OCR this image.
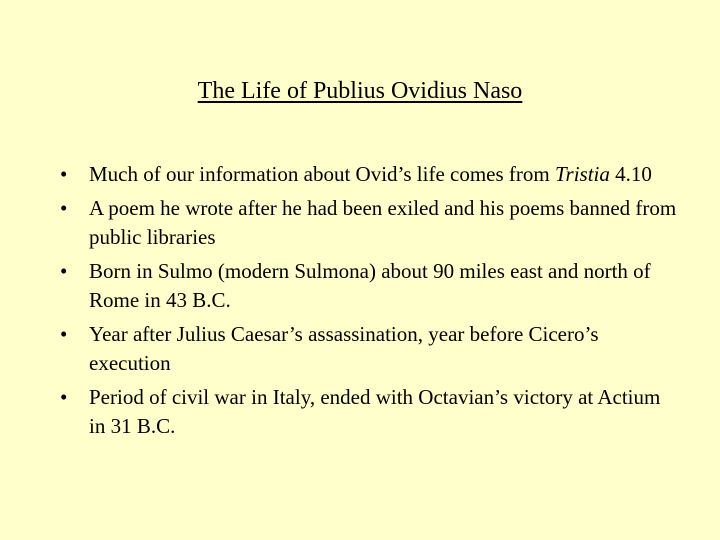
The Life of Publius Ovidius Naso
•	Much of our information about Ovid’s life comes from Tristia 4.10
•	A poem he wrote after he had been exiled and his poems banned from public libraries
•	Born in Sulmo (modern Sulmona) about 90 miles east and north of Rome in 43 B.C.
•	Year after Julius Caesar’s assassination, year before Cicero’s execution
•	Period of civil war in Italy, ended with Octavian’s victory at Actium in 31 B.C.
